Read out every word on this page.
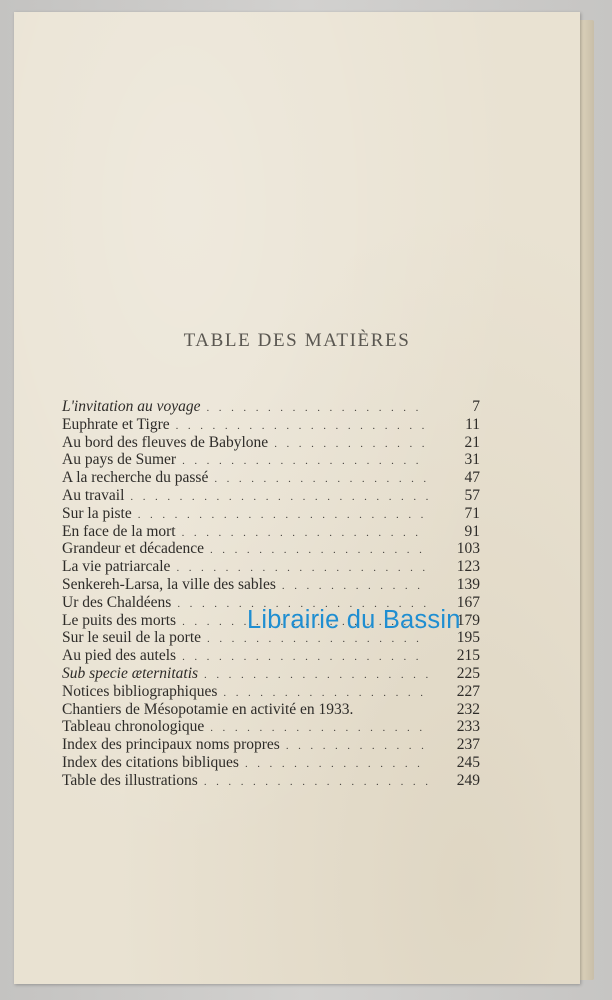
TABLE DES MATIÈRES
L'invitation au voyage . . .	7
Euphrate et Tigre . . .	11
Au bord des fleuves de Babylone . . .	21
Au pays de Sumer . . .	31
A la recherche du passé . . .	47
Au travail . . .	57
Sur la piste . . .	71
En face de la mort . . .	91
Grandeur et décadence . . .	103
La vie patriarcale . . .	123
Senkereh-Larsa, la ville des sables . . .	139
Ur des Chaldéens . . .	167
Le puits des morts . . .	179
Sur le seuil de la porte . . .	195
Au pied des autels . . .	215
Sub specie æternitatis . . .	225
Notices bibliographiques . . .	227
Chantiers de Mésopotamie en activité en 1933.	232
Tableau chronologique . . .	233
Index des principaux noms propres . . .	237
Index des citations bibliques . . .	245
Table des illustrations . . .	249
Librairie du Bassin
